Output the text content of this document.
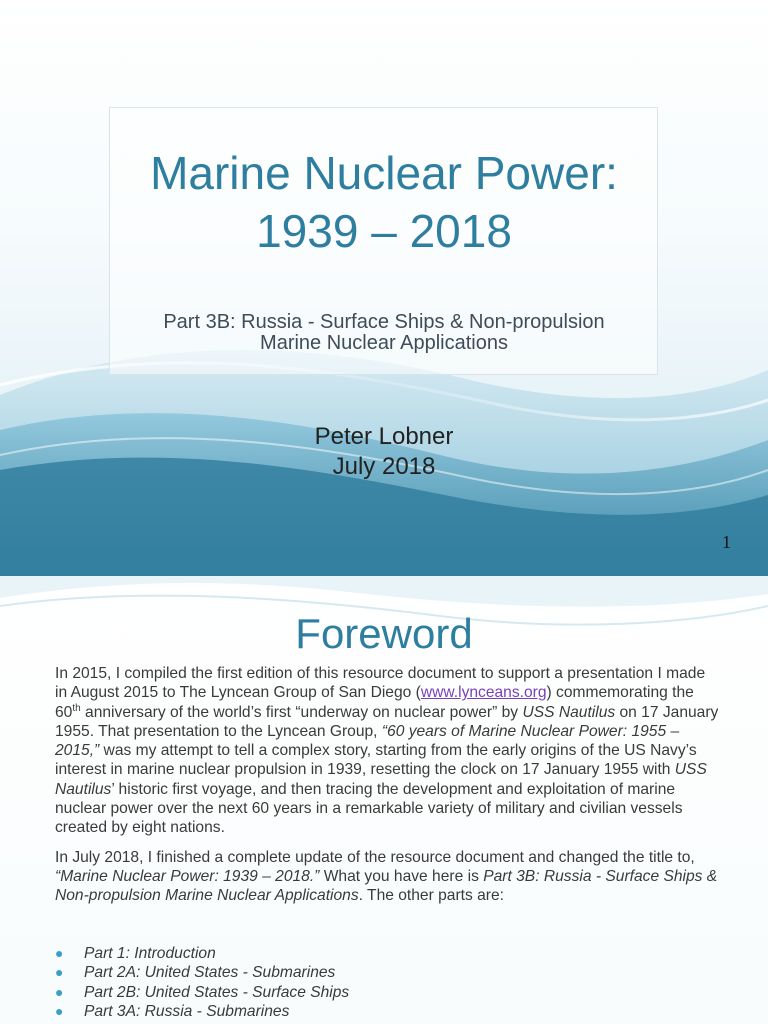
Marine Nuclear Power:
1939 – 2018

Part 3B: Russia - Surface Ships & Non-propulsion
Marine Nuclear Applications

Peter Lobner
July 2018
1
Foreword

In 2015, I compiled the first edition of this resource document to support a presentation I made in August 2015 to The Lyncean Group of San Diego (www.lynceans.org) commemorating the 60th anniversary of the world’s first “underway on nuclear power” by USS Nautilus on 17 January 1955. That presentation to the Lyncean Group, “60 years of Marine Nuclear Power: 1955 – 2015,” was my attempt to tell a complex story, starting from the early origins of the US Navy’s interest in marine nuclear propulsion in 1939, resetting the clock on 17 January 1955 with USS Nautilus’ historic first voyage, and then tracing the development and exploitation of marine nuclear power over the next 60 years in a remarkable variety of military and civilian vessels created by eight nations.

In July 2018, I finished a complete update of the resource document and changed the title to, “Marine Nuclear Power: 1939 – 2018.” What you have here is Part 3B: Russia - Surface Ships & Non-propulsion Marine Nuclear Applications. The other parts are:

● Part 1: Introduction
● Part 2A: United States - Submarines
● Part 2B: United States - Surface Ships
● Part 3A: Russia - Submarines
